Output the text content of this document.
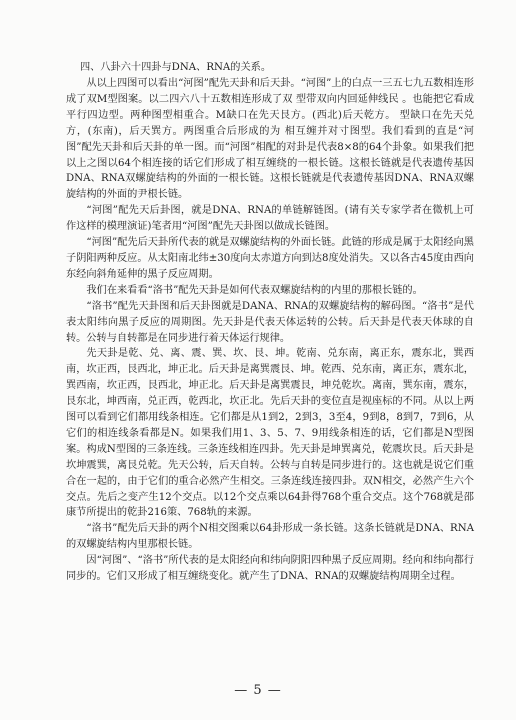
四、八卦六十四卦与DNA、RNA的关系。

从以上四图可以看出“河图”配先天卦和后天卦。“河图”上的白点一三五七九五数相连形成了双M型图案。以二四六八十五数相连形成了双 型带双向内回延伸线民 。也能把它看成平行四边型。两种图型相重合。M缺口在先天艮方。(西北)后天乾方。 型缺口在先天兑方，(东南)，后天巽方。两图重合后形成的为 相互缠并对寸图型。我们看到的直是“河图”配先天卦和后天卦的单一图。而“河图”相配的对卦是代表8×8的64个卦象。如果我们把以上之图以64个相连接的话它们形成了相互缠绕的一根长链。这根长链就是代表遗传基因DNA、RNA双螺旋结构的外面的一根长链。这根长链就是代表遗传基因DNA、RNA双螺旋结构的外面的尹根长链。

“河图”配先天后卦图，就是DNA、RNA的单链解链图。(请有关专家学者在微机上可作这样的模理演证)笔者用“河图”配先天卦图以做成长链图。

“河图”配先后天卦所代表的就是双螺旋结构的外面长链。此链的形成是属于太阳经向黑子阴阳两种反应。从太阳南北纬±30度向太赤道方向到达8度处消失。又以各古45度由西向东经向斜角延伸的黑子反应周期。

我们在来看看“洛书”配先天卦是如何代表双螺旋结构的内里的那根长链的。

“洛书”配先天卦图和后天卦图就是DANA、RNA的双螺旋结构的解码图。“洛书”是代表太阳纬向黑子反应的周期图。先天卦是代表天体运转的公转。后天卦是代表天体球的自转。公转与自转都是在同步进行着天体运行规律。

先天卦是乾、兑、离、震、巽、坎、艮、坤。乾南、兑东南，离正东，震东北，巽西南，坎正西，艮西北，坤正北。后天卦是离巽震艮、坤。乾西、兑东南，离正东，震东北，巽西南，坎正西，艮西北，坤正北。后天卦是离巽震艮，坤兑乾坎。离南，巽东南，震东，艮东北，坤西南，兑正西，乾西北，坎正北。先后天卦的变位直是视座标的不同。从以上两图可以看到它们都用线条相连。它们都是从1到2，2到3，3至4，9到8，8到7，7到6，从它们的相连线条看都是N。如果我们用1、3、5、7、9用线条相连的话，它们都是N型图案。构成N型图的三条连线。三条连线相连四卦。先天卦是坤巽离兑，乾震坎艮。后天卦是坎坤震巽，离艮兑乾。先天公转，后天自转。公转与自转是同步进行的。这也就是说它们重合在一起的，由于它们的重合必然产生相交。三条连线连接四卦。双N相交，必然产生六个交点。先后之变产生12个交点。以12个交点乘以64卦得768个重合交点。这个768就是邵康节所提出的乾卦216策、768轨的来源。

“洛书”配先后天卦的两个N相交图乘以64卦形成一条长链。这条长链就是DNA、RNA的双螺旋结构内里那根长链。

因“河图”、“洛书”所代表的是太阳经向和纬向阴阳四种黑子反应周期。经向和纬向都行同步的。它们又形成了相互缠绕变化。就产生了DNA、RNA的双螺旋结构周期全过程。

— 5 —
